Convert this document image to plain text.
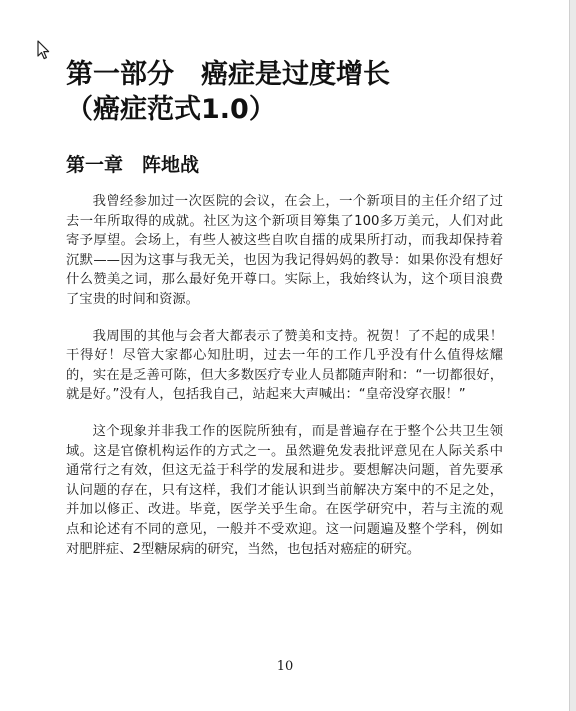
第一部分　癌症是过度增长
（癌症范式1.0）
第一章　阵地战

我曾经参加过一次医院的会议，在会上，一个新项目的主任介绍了过去一年所取得的成就。社区为这个新项目筹集了100多万美元，人们对此寄予厚望。会场上，有些人被这些自吹自擂的成果所打动，而我却保持着沉默——因为这事与我无关，也因为我记得妈妈的教导：如果你没有想好什么赞美之词，那么最好免开尊口。实际上，我始终认为，这个项目浪费了宝贵的时间和资源。

我周围的其他与会者大都表示了赞美和支持。祝贺！了不起的成果！干得好！尽管大家都心知肚明，过去一年的工作几乎没有什么值得炫耀的，实在是乏善可陈，但大多数医疗专业人员都随声附和：“一切都很好，就是好。”没有人，包括我自己，站起来大声喊出：“皇帝没穿衣服！”

这个现象并非我工作的医院所独有，而是普遍存在于整个公共卫生领域。这是官僚机构运作的方式之一。虽然避免发表批评意见在人际关系中通常行之有效，但这无益于科学的发展和进步。要想解决问题，首先要承认问题的存在，只有这样，我们才能认识到当前解决方案中的不足之处，并加以修正、改进。毕竟，医学关乎生命。在医学研究中，若与主流的观点和论述有不同的意见，一般并不受欢迎。这一问题遍及整个学科，例如对肥胖症、2型糖尿病的研究，当然，也包括对癌症的研究。

10
